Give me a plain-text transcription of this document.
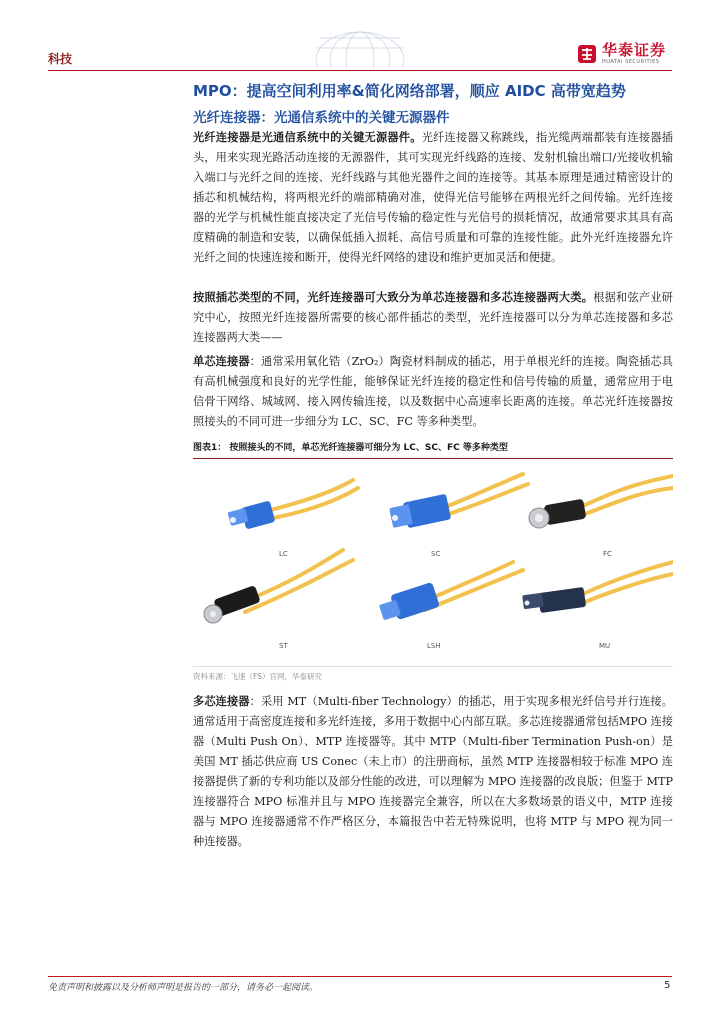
科技	华泰证券
HUATAI SECURITIES
MPO：提高空间利用率&简化网络部署，顺应 AIDC 高带宽趋势
光纤连接器：光通信系统中的关键无源器件
光纤连接器是光通信系统中的关键无源器件。光纤连接器又称跳线，指光缆两端都装有连接器插头，用来实现光路活动连接的无源器件，其可实现光纤线路的连接、发射机输出端口/光接收机输入端口与光纤之间的连接、光纤线路与其他光器件之间的连接等。其基本原理是通过精密设计的插芯和机械结构，将两根光纤的端部精确对准，使得光信号能够在两根光纤之间传输。光纤连接器的光学与机械性能直接决定了光信号传输的稳定性与光信号的损耗情况，故通常要求其具有高度精确的制造和安装，以确保低插入损耗、高信号质量和可靠的连接性能。此外光纤连接器允许光纤之间的快速连接和断开，使得光纤网络的建设和维护更加灵活和便捷。
按照插芯类型的不同，光纤连接器可大致分为单芯连接器和多芯连接器两大类。根据和弦产业研究中心，按照光纤连接器所需要的核心部件插芯的类型，光纤连接器可以分为单芯连接器和多芯连接器两大类——
单芯连接器：通常采用氧化锆（ZrO₂）陶瓷材料制成的插芯，用于单根光纤的连接。陶瓷插芯具有高机械强度和良好的光学性能，能够保证光纤连接的稳定性和信号传输的质量，通常应用于电信骨干网络、城域网、接入网传输连接，以及数据中心高速率长距离的连接。单芯光纤连接器按照接头的不同可进一步细分为 LC、SC、FC 等多种类型。
图表1： 按照接头的不同，单芯光纤连接器可细分为 LC、SC、FC 等多种类型
LC	SC	FC
ST	LSH	MU
资料来源：飞速（FS）官网，华泰研究
多芯连接器：采用 MT（Multi-fiber Technology）的插芯，用于实现多根光纤信号并行连接。通常适用于高密度连接和多光纤连接，多用于数据中心内部互联。多芯连接器通常包括MPO 连接器（Multi Push On）、MTP 连接器等。其中 MTP（Multi-fiber Termination Push-on）是美国 MT 插芯供应商 US Conec（未上市）的注册商标，虽然 MTP 连接器相较于标准 MPO 连接器提供了新的专利功能以及部分性能的改进，可以理解为 MPO 连接器的改良版；但鉴于 MTP 连接器符合 MPO 标准并且与 MPO 连接器完全兼容，所以在大多数场景的语义中，MTP 连接器与 MPO 连接器通常不作严格区分，本篇报告中若无特殊说明，也将 MTP 与 MPO 视为同一种连接器。
免责声明和披露以及分析师声明是报告的一部分，请务必一起阅读。	5
